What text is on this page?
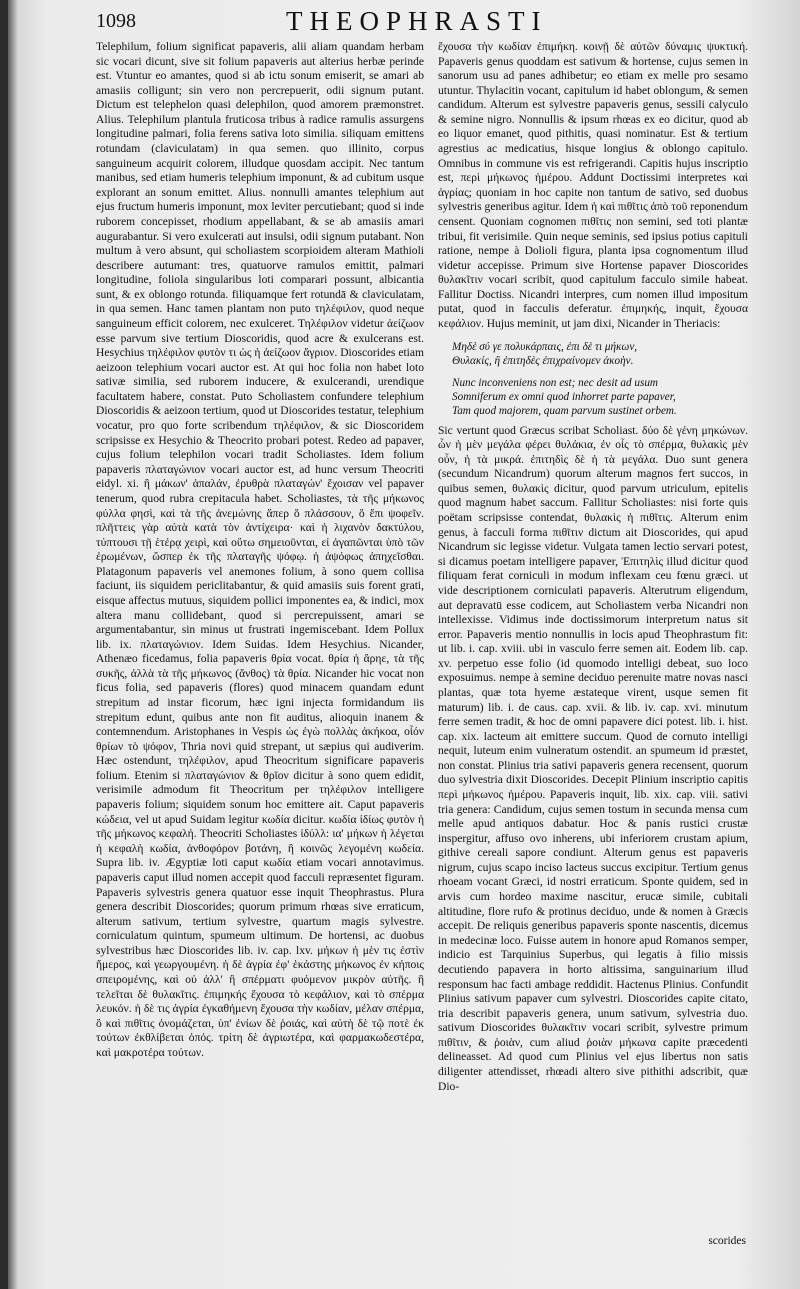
1098	THEOPHRASTI

Telephilum, folium significat papaveris, alii aliam quandam herbam sic vocari dicunt, sive sit folium papaveris aut alterius herbæ perinde est. Vtuntur eo amantes, quod si ab ictu sonum emiserit, se amari ab amasiis colligunt; sin vero non percrepuerit, odii signum putant. Dictum est telephelon quasi delephilon, quod amorem præmonstret. Alius. Telephilum plantula fruticosa tribus à radice ramulis assurgens longitudine palmari, folia ferens sativa loto similia. siliquam emittens rotundam (claviculatam) in qua semen. quo illinito, corpus sanguineum acquirit colorem, illudque quosdam accipit. Nec tantum manibus, sed etiam humeris telephium imponunt, & ad cubitum usque explorant an sonum emittet. Alius. nonnulli amantes telephium aut ejus fructum humeris imponunt, mox leviter percutiebant; quod si inde ruborem concepisset, rhodium appellabant, & se ab amasiis amari augurabantur. Si vero exulcerati aut insulsi, odii signum putabant. Non multum à vero absunt, qui scholiastem scorpioidem alteram Mathioli describere autumant: tres, quatuorve ramulos emittit, palmari longitudine, foliola singularibus loti comparari possunt, albicantia sunt, & ex oblongo rotunda. filiquamque fert rotundā & claviculatam, in qua semen. Hanc tamen plantam non puto τηλέφιλον, quod neque sanguineum efficit colorem, nec exulceret. Τηλέφιλον videtur ἀείζωον esse parvum sive tertium Dioscoridis, quod acre & exulcerans est. Hesychius τηλέφιλον φυτὸν τι ὡς ἡ ἀείζωον ἄγριον. Dioscorides etiam aeizoon telephium vocari auctor est. At qui hoc folia non habet loto sativæ similia, sed ruborem inducere, & exulcerandi, urendique facultatem habere, constat. Puto Scholiastem confundere telephium Dioscoridis & aeizoon tertium, quod ut Dioscorides testatur, telephium vocatur, pro quo forte scribendum τηλέφιλον, & sic Dioscoridem scripsisse ex Hesychio & Theocrito probari potest. Redeo ad papaver, cujus folium telephilon vocari tradit Scholiastes. Idem folium papaveris πλαταγώνιον vocari auctor est, ad hunc versum Theocriti eidyl. xi. ἢ μάκων' ἁπαλάν, ἐρυθρὰ πλαταγών' ἔχοισαν vel papaver tenerum, quod rubra crepitacula habet. Scholiastes, τὰ τῆς μήκωνος φύλλα φησὶ, καὶ τὰ τῆς ἀνεμώνης ἅπερ ὅ πλάσσουν, ὅ ἔπι ψοφεῖν. πλῆττεις γὰρ αὐτὰ κατὰ τὸν ἀντίχειρα· καὶ ἡ λιχανὸν δακτύλου, τύπτουσι τῇ ἑτέρᾳ χειρὶ, καὶ οὕτω σημειοῦνται, εἰ ἀγαπῶνται ὑπὸ τῶν ἐρωμένων, ὥσπερ ἐκ τῆς πλαταγῆς ψόφῳ. ἡ ἀψόφως ἀπηχεῖσθαι. Platagonum papaveris vel anemones folium, à sono quem collisa faciunt, iis siquidem periclitabantur, & quid amasiis suis forent grati, eisque affectus mutuus, siquidem pollici imponentes ea, & indici, mox altera manu collidebant, quod si percrepuissent, amari se argumentabantur, sin minus ut frustrati ingemiscebant. Idem Pollux lib. ix. πλαταγώνιον. Idem Suidas. Idem Hesychius. Nicander, Athenæo ficedamus, folia papaveris θρία vocat. θρία ἡ ἄρηε, τὰ τῆς συκῆς, ἀλλὰ τὰ τῆς μήκωνος (ἄνθος) τὰ θρία. Nicander hic vocat non ficus folia, sed papaveris (flores) quod minacem quandam edunt strepitum ad instar ficorum, hæc igni injecta formidandum iis strepitum edunt, quibus ante non fit auditus, alioquin inanem & contemnendum. Aristophanes in Vespis ὡς ἐγὼ πολλὰς ἀκήκοα, οἷόν θρίων τὸ ψόφον, Thria novi quid strepant, ut sæpius qui audiverim. Hæc ostendunt, τηλέφιλον, apud Theocritum significare papaveris folium. Etenim si πλαταγώνιον & θρῖον dicitur à sono quem edidit, verisimile admodum fit Theocritum per τηλέφιλον intelligere papaveris folium; siquidem sonum hoc emittere ait. Caput papaveris κώδεια, vel ut apud Suidam legitur κωδία dicitur. κωδία ἰδίως φυτὸν ἡ τῆς μήκωνος κεφαλή. Theocriti Scholiastes ἰδύλλ: ια' μήκων ἡ λέγεται ἡ κεφαλὴ κωδία, ἀνθοφόρον βοτάνη, ἢ κοινῶς λεγομένη κωδεία. Supra lib. iv. Ægyptiæ loti caput κωδία etiam vocari annotavimus. papaveris caput illud nomen accepit quod facculi repræsentet figuram. Papaveris sylvestris genera quatuor esse inquit Theophrastus. Plura genera describit Dioscorides; quorum primum rhœas sive erraticum, alterum sativum, tertium sylvestre, quartum magis sylvestre. corniculatum quintum, spumeum ultimum. De hortensi, ac duobus sylvestribus hæc Dioscorides lib. iv. cap. lxv. μήκων ἡ μὲν τις ἐστὶν ἥμερος, καὶ γεωργουμένη. ἡ δὲ ἀγρία ἐφ' ἑκάστης μήκωνος ἐν κήποις σπειρομένης, καὶ οὐ ἀλλ' ἢ σπέρματι φυόμενον μικρὸν αὐτῆς. ἣ τελεῖται δὲ θυλακῖτις. ἐπιμηκής ἔχουσα τὸ κεφάλιον, καὶ τὸ σπέρμα λευκόν. ἡ δὲ τις ἀγρία ἐγκαθήμενη ἔχουσα τὴν κωδίαν, μέλαν σπέρμα, ὃ καὶ πιθῖτις ὀνομάζεται, ὑπ' ἐνίων δὲ ῥοιάς, καὶ αὐτὴ δὲ τῷ ποτὲ ἐκ τούτων ἐκθλίβεται ὀπός. τρίτη δὲ ἀγριωτέρα, καὶ φαρμακωδεστέρα, καὶ μακροτέρα τούτων.

ἔχουσα τὴν κωδίαν ἐπιμήκη. κοινῇ δὲ αὐτῶν δύναμις ψυκτική. Papaveris genus quoddam est sativum & hortense, cujus semen in sanorum usu ad panes adhibetur; eo etiam ex melle pro sesamo utuntur. Thylacitin vocant, capitulum id habet oblongum, & semen candidum. Alterum est sylvestre papaveris genus, sessili calyculo & semine nigro. Nonnullis & ipsum rhœas ex eo dicitur, quod ab eo liquor emanet, quod pithitis, quasi nominatur. Est & tertium agrestius ac medicatius, hisque longius & oblongo capitulo. Omnibus in commune vis est refrigerandi. Capitis hujus inscriptio est, περὶ μήκωνος ἡμέρου. Addunt Doctissimi interpretes καὶ ἀγρίας; quoniam in hoc capite non tantum de sativo, sed duobus sylvestris generibus agitur. Idem ἡ καὶ πιθῖτις ἀπὸ τοῦ reponendum censent. Quoniam cognomen πιθῖτις non semini, sed toti plantæ tribui, fit verisimile. Quin neque seminis, sed ipsius potius capituli ratione, nempe à Dolioli figura, planta ipsa cognomentum illud videtur accepisse. Primum sive Hortense papaver Dioscorides θυλακῖτιν vocari scribit, quod capitulum facculo simile habeat. Fallitur Doctiss. Nicandri interpres, cum nomen illud impositum putat, quod in facculis deferatur. ἐπιμηκής, inquit, ἔχουσα κεφάλιον. Hujus meminit, ut jam dixi, Nicander in Theriacis:

Μηδὲ σύ γε πολυκάρπαις, ἐπι δὲ τι μήκων,
Θυλακίς, ἢ ἐπιτηδὲς ἐπιχραίνομεν ἀκοὴν.
Nunc inconveniens non est; nec desit ad usum
Somniferum ex omni quod inhorret parte papaver,
Tam quod majorem, quam parvum sustinet orbem.

Sic vertunt quod Græcus scribat Scholiast. δύο δὲ γένη μηκώνων. ὧν ἡ μὲν μεγάλα φέρει θυλάκια, ἐν οἷς τὸ σπέρμα, θυλακὶς μὲν οὖν, ἡ τὰ μικρά. ἐπιτηδὶς δὲ ἡ τὰ μεγάλα. Duo sunt genera (secundum Nicandrum) quorum alterum magnos fert succos, in quibus semen, θυλακὶς dicitur, quod parvum utriculum, epitelis quod magnum habet saccum. Fallitur Scholiastes: nisi forte quis poëtam scripsisse contendat, θυλακὶς ἡ πιθῖτις. Alterum enim genus, à facculi forma πιθῖτιν dictum ait Dioscorides, qui apud Nicandrum sic legisse videtur. Vulgata tamen lectio servari potest, si dicamus poetam intelligere papaver, Ἐπιτηλὶς illud dicitur quod filiquam ferat corniculi in modum inflexam ceu fœnu græci. ut vide descriptionem corniculati papaveris. Alterutrum eligendum, aut depravatū esse codicem, aut Scholiastem verba Nicandri non intellexisse. Vidimus inde doctissimorum interpretum natus sit error. Papaveris mentio nonnullis in locis apud Theophrastum fit: ut lib. i. cap. xviii. ubi in vasculo ferre semen ait. Eodem lib. cap. xv. perpetuo esse folio (id quomodo intelligi debeat, suo loco exposuimus. nempe à semine deciduo perenuite matre novas nasci plantas, quæ tota hyeme æstateque virent, usque semen fit maturum) lib. i. de caus. cap. xvii. & lib. iv. cap. xvi. minutum ferre semen tradit, & hoc de omni papavere dici potest. lib. i. hist. cap. xix. lacteum ait emittere succum. Quod de cornuto intelligi nequit, luteum enim vulneratum ostendit. an spumeum id præstet, non constat. Plinius tria sativi papaveris genera recensent, quorum duo sylvestria dixit Dioscorides. Decepit Plinium inscriptio capitis περὶ μήκωνος ἡμέρου. Papaveris inquit, lib. xix. cap. viii. sativi tria genera: Candidum, cujus semen tostum in secunda mensa cum melle apud antiquos dabatur. Hoc & panis rustici crustæ inspergitur, affuso ovo inherens, ubi inferiorem crustam apium, githive cereali sapore condiunt. Alterum genus est papaveris nigrum, cujus scapo inciso lacteus succus excipitur. Tertium genus rhoeam vocant Græci, id nostri erraticum. Sponte quidem, sed in arvis cum hordeo maxime nascitur, erucæ simile, cubitali altitudine, flore rufo & protinus deciduo, unde & nomen à Græcis accepit. De reliquis generibus papaveris sponte nascentis, dicemus in medecinæ loco. Fuisse autem in honore apud Romanos semper, indicio est Tarquinius Superbus, qui legatis à filio missis decutiendo papavera in horto altissima, sanguinarium illud responsum hac facti ambage reddidit. Hactenus Plinius. Confundit Plinius sativum papaver cum sylvestri. Dioscorides capite citato, tria describit papaveris genera, unum sativum, sylvestria duo. sativum Dioscorides θυλακῖτιν vocari scribit, sylvestre primum πιθῖτιν, & ῥοιὰν, cum aliud ῥοιὰν μήκωνα capite præcedenti delineasset. Ad quod cum Plinius vel ejus libertus non satis diligenter attendisset, rhœadi altero sive pithithi adscribit, quæ Dio-

scorides
